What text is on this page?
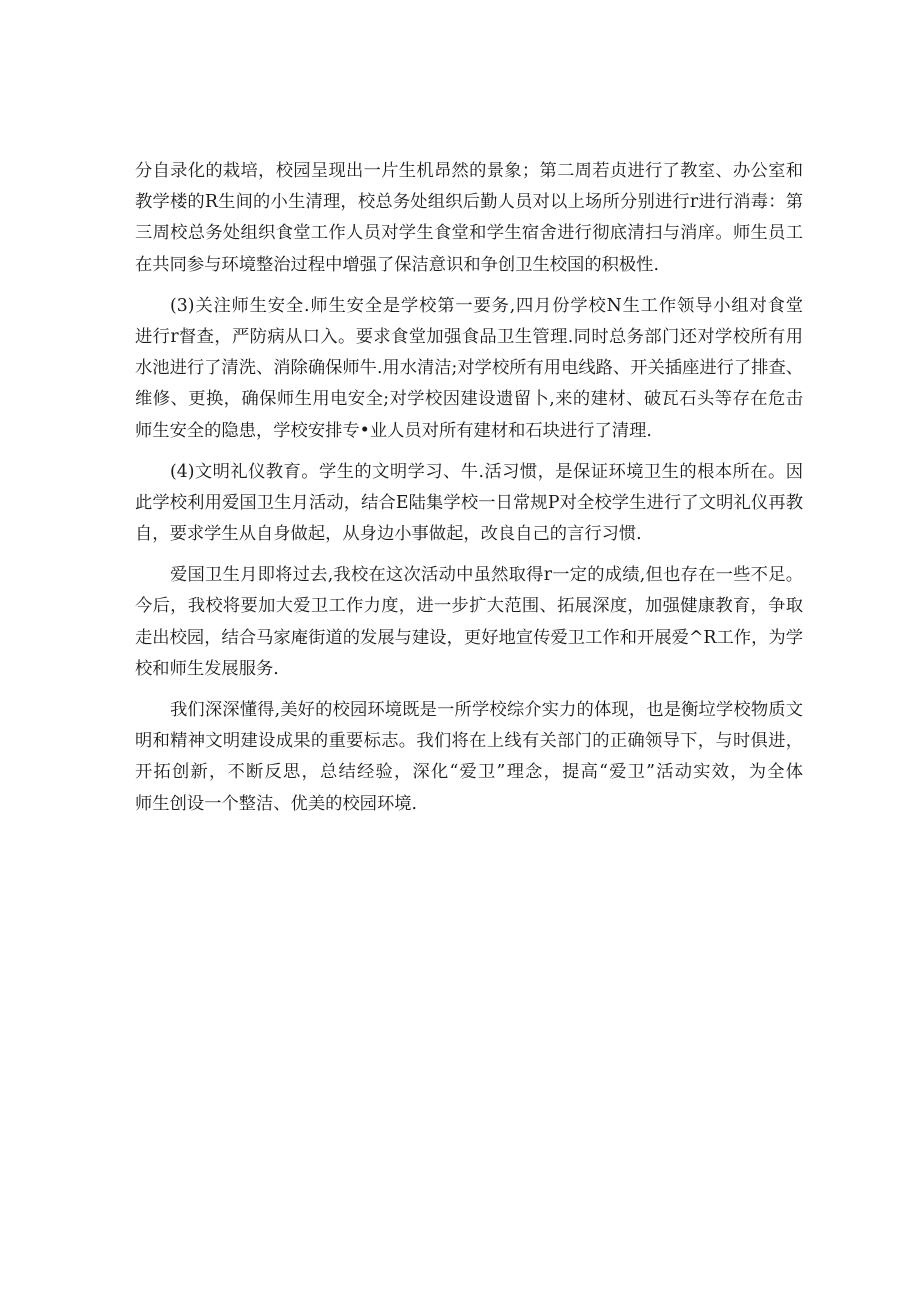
分自录化的栽培，校园呈现出一片生机昂然的景象；第二周若贞进行了教室、办公室和
教学楼的R生间的小生清理，校总务处组织后勤人员对以上场所分别进行r进行消毒：第
三周校总务处组织食堂工作人员对学生食堂和学生宿舍进行彻底清扫与消庠。师生员工
在共同参与环境整治过程中增强了保洁意识和争创卫生校国的积极性.
(3)关注师生安全.师生安全是学校第一要务,四月份学校N生工作领导小组对食堂
进行r督查，严防病从口入。要求食堂加强食品卫生管理.同时总务部门还对学校所有用
水池进行了清洗、消除确保师牛.用水清洁;对学校所有用电线路、开关插座进行了排查、
维修、更换，确保师生用电安全;对学校因建设遗留卜,来的建材、破瓦石头等存在危击
师生安全的隐患，学校安排专•业人员对所有建材和石块进行了清理.
(4)文明礼仪教育。学生的文明学习、牛.活习惯，是保证环境卫生的根本所在。因
此学校利用爱国卫生月活动，结合E陆集学校一日常规P对全校学生进行了文明礼仪再教
自，要求学生从自身做起，从身边小事做起，改良自己的言行习惯.
爱国卫生月即将过去,我校在这次活动中虽然取得r一定的成绩,但也存在一些不足。
今后，我校将要加大爱卫工作力度，进一步扩大范围、拓展深度，加强健康教育，争取
走出校园，结合马家庵街道的发展与建设，更好地宣传爱卫工作和开展爱^R工作，为学
校和师生发展服务.
我们深深懂得,美好的校园环境既是一所学校综介实力的体现，也是衡垃学校物质文
明和精神文明建设成果的重要标志。我们将在上线有关部门的正确领导下，与时俱进，
开拓创新，不断反思，总结经验，深化“爱卫”理念，提高“爱卫”活动实效，为全体
师生创设一个整洁、优美的校园环境.
